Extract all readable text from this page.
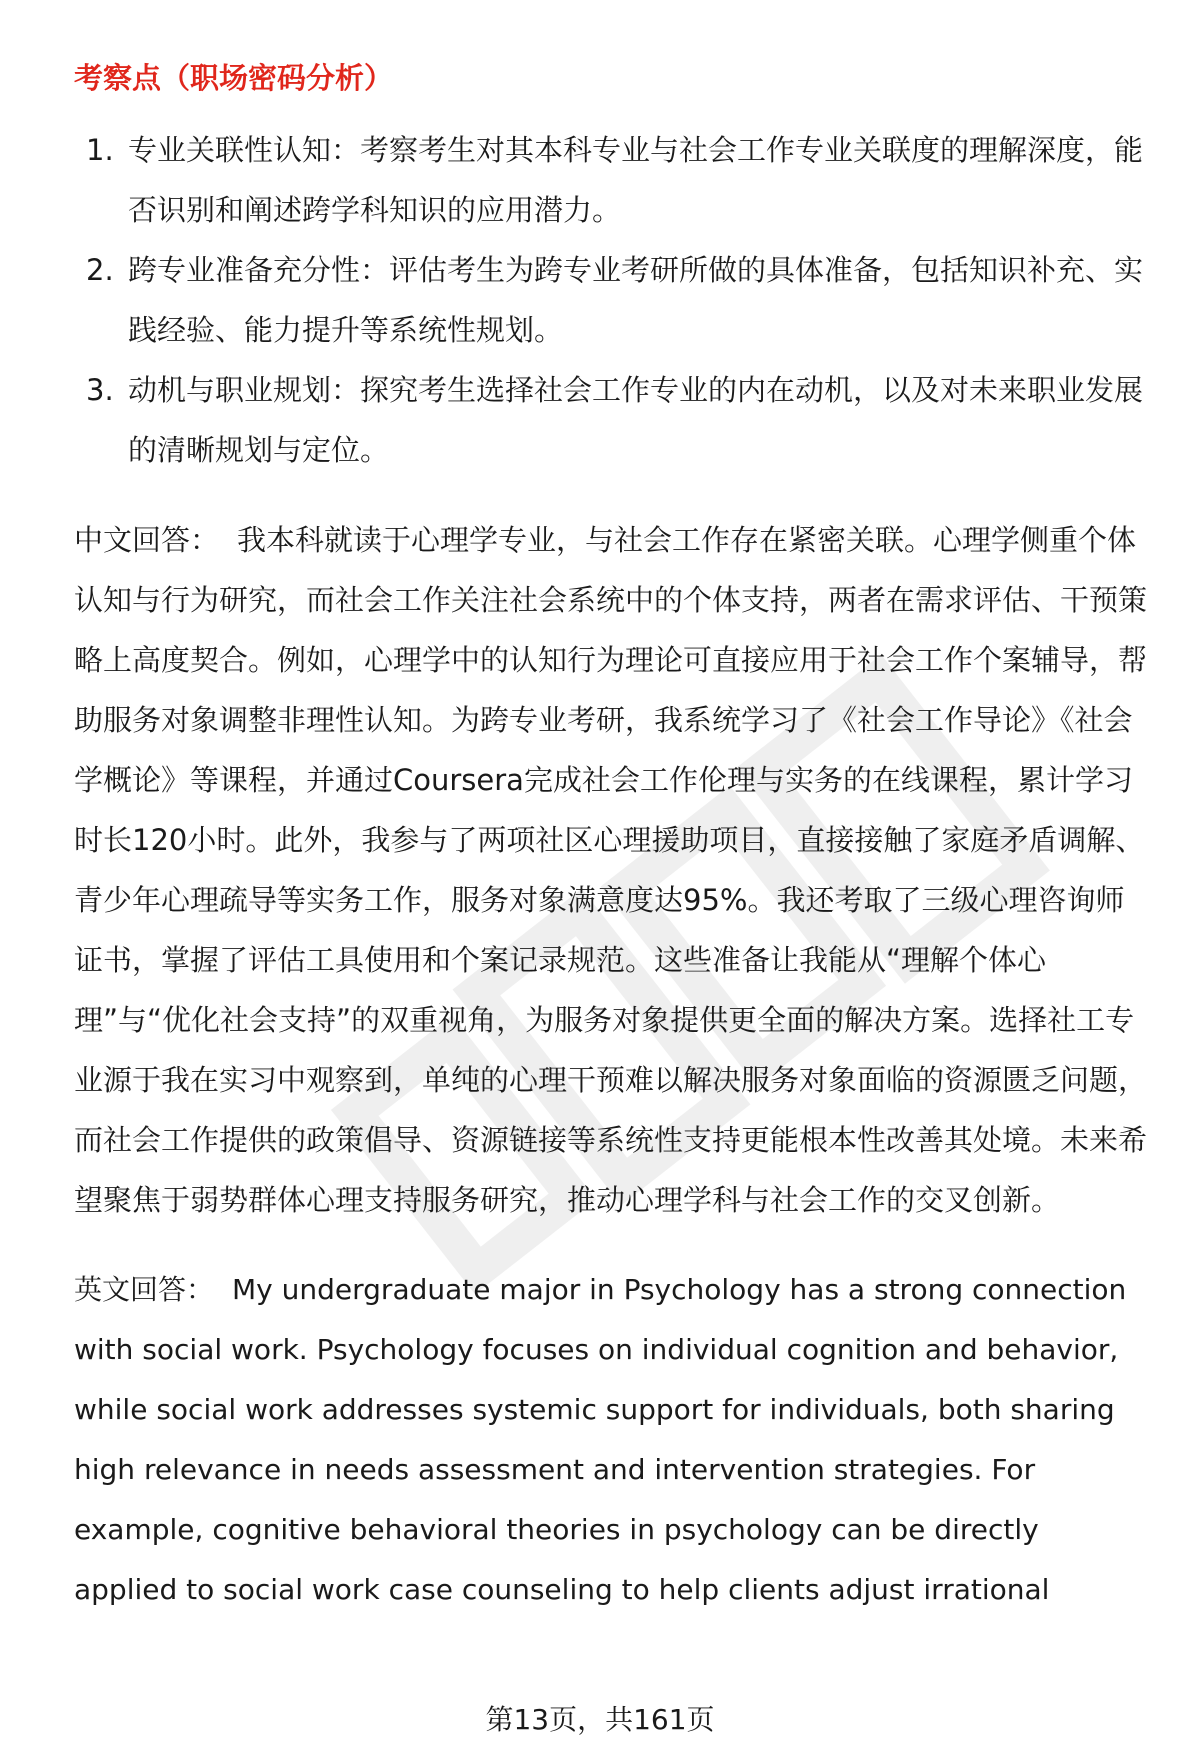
考察点（职场密码分析）
1. 专业关联性认知：考察考生对其本科专业与社会工作专业关联度的理解深度，能否识别和阐述跨学科知识的应用潜力。
2. 跨专业准备充分性：评估考生为跨专业考研所做的具体准备，包括知识补充、实践经验、能力提升等系统性规划。
3. 动机与职业规划：探究考生选择社会工作专业的内在动机，以及对未来职业发展的清晰规划与定位。

中文回答： 我本科就读于心理学专业，与社会工作存在紧密关联。心理学侧重个体认知与行为研究，而社会工作关注社会系统中的个体支持，两者在需求评估、干预策略上高度契合。例如，心理学中的认知行为理论可直接应用于社会工作个案辅导，帮助服务对象调整非理性认知。为跨专业考研，我系统学习了《社会工作导论》《社会学概论》等课程，并通过Coursera完成社会工作伦理与实务的在线课程，累计学习时长120小时。此外，我参与了两项社区心理援助项目，直接接触了家庭矛盾调解、青少年心理疏导等实务工作，服务对象满意度达95%。我还考取了三级心理咨询师证书，掌握了评估工具使用和个案记录规范。这些准备让我能从“理解个体心理”与“优化社会支持”的双重视角，为服务对象提供更全面的解决方案。选择社工专业源于我在实习中观察到，单纯的心理干预难以解决服务对象面临的资源匮乏问题，而社会工作提供的政策倡导、资源链接等系统性支持更能根本性改善其处境。未来希望聚焦于弱势群体心理支持服务研究，推动心理学科与社会工作的交叉创新。

英文回答： My undergraduate major in Psychology has a strong connection with social work. Psychology focuses on individual cognition and behavior, while social work addresses systemic support for individuals, both sharing high relevance in needs assessment and intervention strategies. For example, cognitive behavioral theories in psychology can be directly applied to social work case counseling to help clients adjust irrational

第13页，共161页
